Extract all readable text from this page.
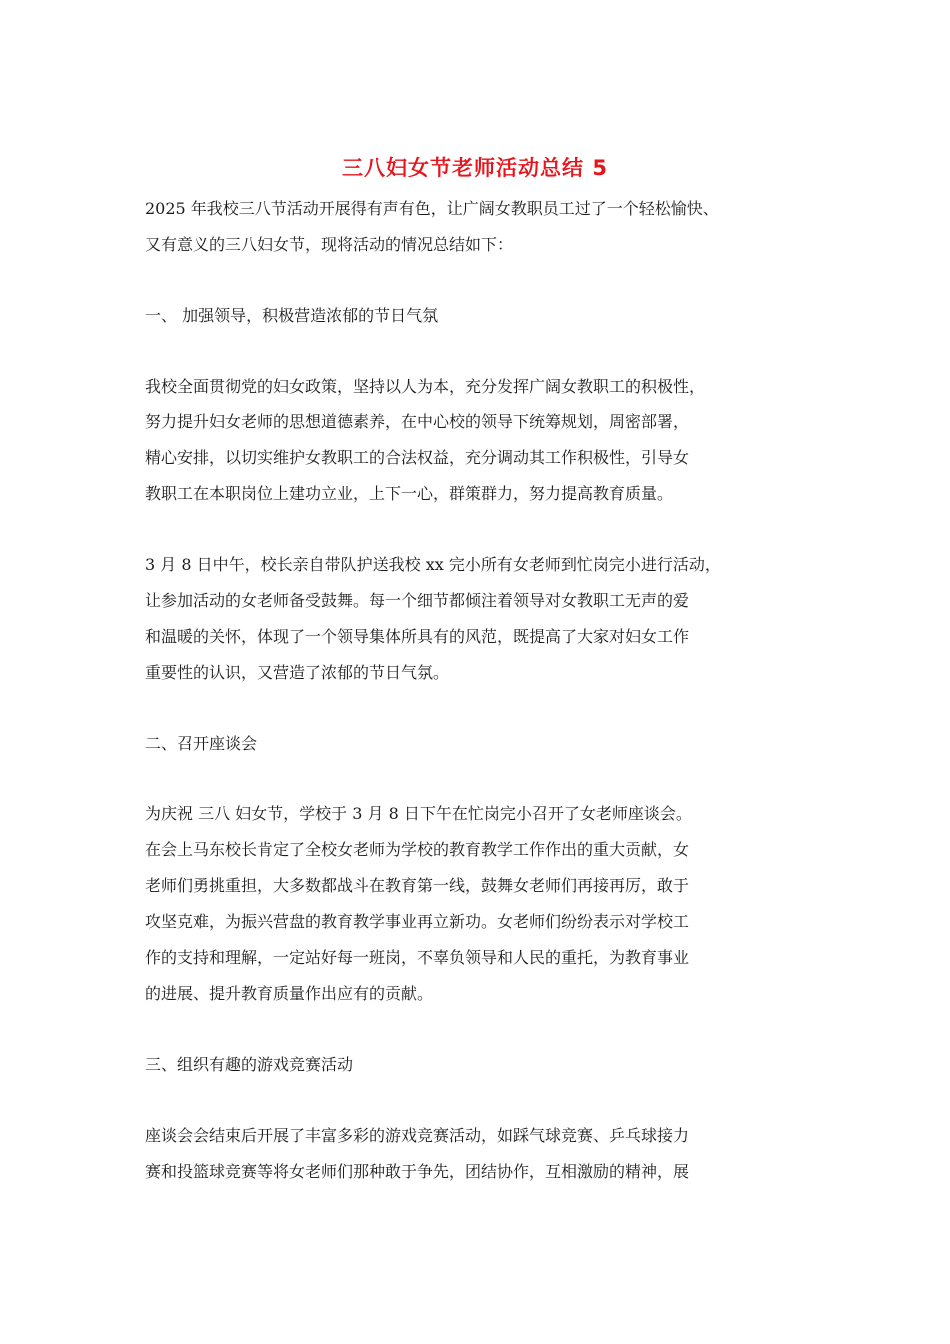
三八妇女节老师活动总结 5
2025 年我校三八节活动开展得有声有色，让广阔女教职员工过了一个轻松愉快、
又有意义的三八妇女节，现将活动的情况总结如下：
一、 加强领导，积极营造浓郁的节日气氛
我校全面贯彻党的妇女政策，坚持以人为本，充分发挥广阔女教职工的积极性，
努力提升妇女老师的思想道德素养，在中心校的领导下统筹规划，周密部署，
精心安排，以切实维护女教职工的合法权益，充分调动其工作积极性，引导女
教职工在本职岗位上建功立业，上下一心，群策群力，努力提高教育质量。
3 月 8 日中午，校长亲自带队护送我校 xx 完小所有女老师到忙岗完小进行活动，
让参加活动的女老师备受鼓舞。每一个细节都倾注着领导对女教职工无声的爱
和温暖的关怀，体现了一个领导集体所具有的风范，既提高了大家对妇女工作
重要性的认识，又营造了浓郁的节日气氛。
二、召开座谈会
为庆祝 三八 妇女节，学校于 3 月 8 日下午在忙岗完小召开了女老师座谈会。
在会上马东校长肯定了全校女老师为学校的教育教学工作作出的重大贡献，女
老师们勇挑重担，大多数都战斗在教育第一线，鼓舞女老师们再接再厉，敢于
攻坚克难，为振兴营盘的教育教学事业再立新功。女老师们纷纷表示对学校工
作的支持和理解，一定站好每一班岗，不辜负领导和人民的重托，为教育事业
的进展、提升教育质量作出应有的贡献。
三、组织有趣的游戏竞赛活动
座谈会会结束后开展了丰富多彩的游戏竞赛活动，如踩气球竞赛、乒乓球接力
赛和投篮球竞赛等将女老师们那种敢于争先，团结协作，互相激励的精神，展
